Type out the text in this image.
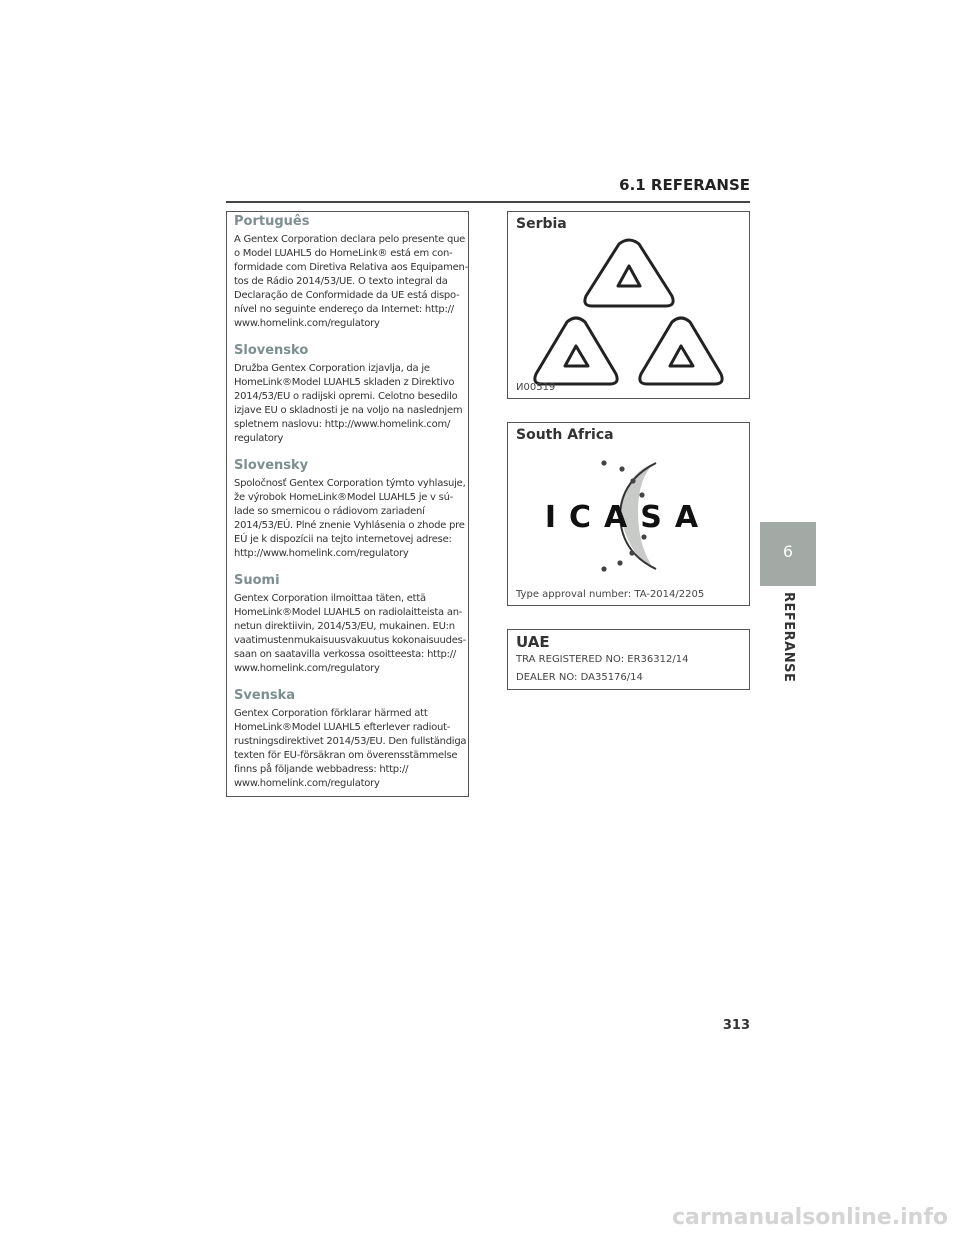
6.1 REFERANSE
Português

A Gentex Corporation declara pelo presente que
o Model LUAHL5 do HomeLink® está em con-
formidade com Diretiva Relativa aos Equipamen-
tos de Rádio 2014/53/UE. O texto integral da
Declaração de Conformidade da UE está dispo-
nível no seguinte endereço da Internet: http://
www.homelink.com/regulatory

Slovensko

Družba Gentex Corporation izjavlja, da je
HomeLink®Model LUAHL5 skladen z Direktivo
2014/53/EU o radijski opremi. Celotno besedilo
izjave EU o skladnosti je na voljo na naslednjem
spletnem naslovu: http://www.homelink.com/
regulatory

Slovensky

Spoločnosť Gentex Corporation týmto vyhlasuje,
že výrobok HomeLink®Model LUAHL5 je v sú-
lade so smernicou o rádiovom zariadení
2014/53/EÚ. Plné znenie Vyhlásenia o zhode pre
EÚ je k dispozícii na tejto internetovej adrese:
http://www.homelink.com/regulatory

Suomi

Gentex Corporation ilmoittaa täten, että
HomeLink®Model LUAHL5 on radiolaitteista an-
netun direktiivin, 2014/53/EU, mukainen. EU:n
vaatimustenmukaisuusvakuutus kokonaisuudes-
saan on saatavilla verkossa osoitteesta: http://
www.homelink.com/regulatory

Svenska

Gentex Corporation förklarar härmed att
HomeLink®Model LUAHL5 efterlever radiout-
rustningsdirektivet 2014/53/EU. Den fullständiga
texten för EU-försäkran om överensstämmelse
finns på följande webbadress: http://
www.homelink.com/regulatory

Serbia
И00519
South Africa
ICASA
Type approval number: TA-2014/2205
UAE
TRA REGISTERED NO: ER36312/14
DEALER NO: DA35176/14
6
REFERANSE
313
carmanualsonline.info
